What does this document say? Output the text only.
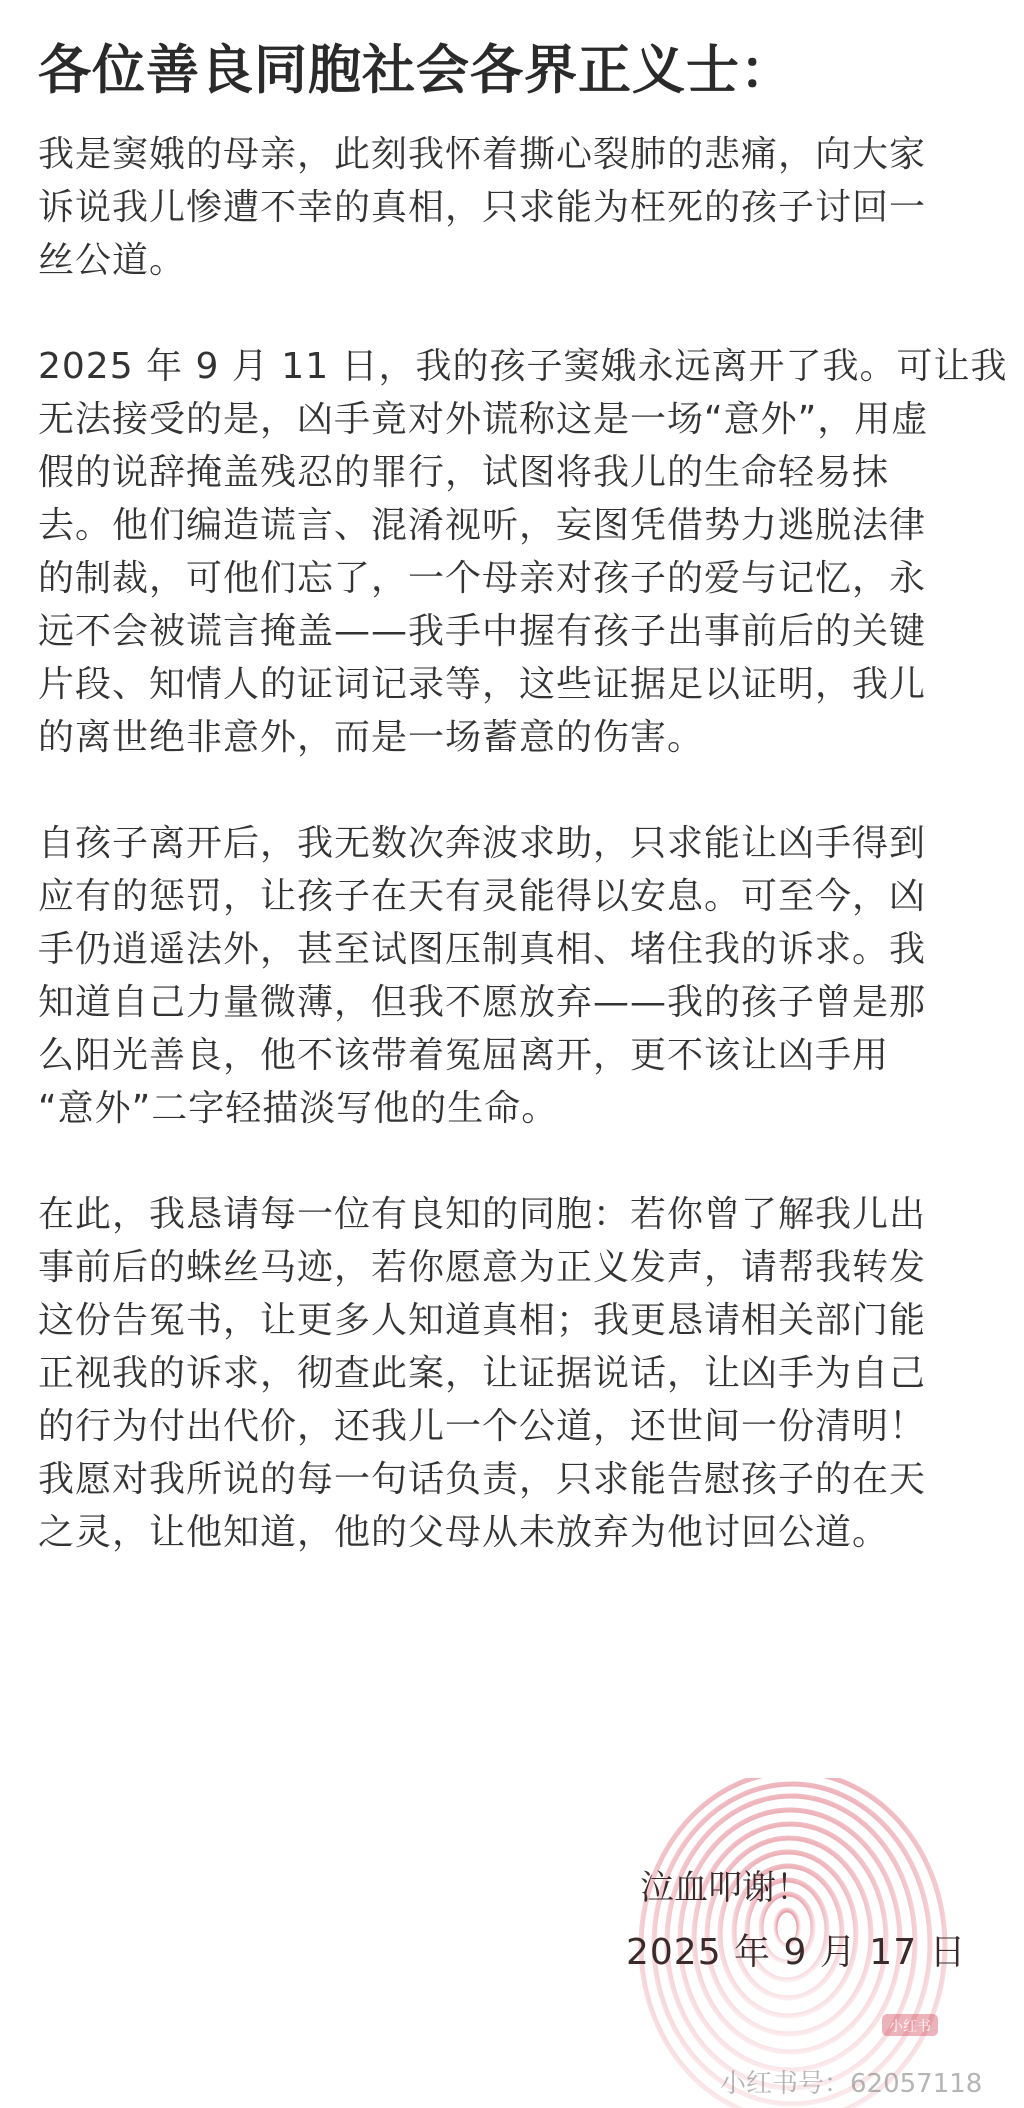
各位善良同胞社会各界正义士：

我是窦娥的母亲，此刻我怀着撕心裂肺的悲痛，向大家
诉说我儿惨遭不幸的真相，只求能为枉死的孩子讨回一
丝公道。

2025 年 9 月 11 日，我的孩子窦娥永远离开了我。可让我
无法接受的是，凶手竟对外谎称这是一场“意外”，用虚
假的说辞掩盖残忍的罪行，试图将我儿的生命轻易抹
去。他们编造谎言、混淆视听，妄图凭借势力逃脱法律
的制裁，可他们忘了，一个母亲对孩子的爱与记忆，永
远不会被谎言掩盖——我手中握有孩子出事前后的关键
片段、知情人的证词记录等，这些证据足以证明，我儿
的离世绝非意外，而是一场蓄意的伤害。

自孩子离开后，我无数次奔波求助，只求能让凶手得到
应有的惩罚，让孩子在天有灵能得以安息。可至今，凶
手仍逍遥法外，甚至试图压制真相、堵住我的诉求。我
知道自己力量微薄，但我不愿放弃——我的孩子曾是那
么阳光善良，他不该带着冤屈离开，更不该让凶手用
“意外”二字轻描淡写他的生命。

在此，我恳请每一位有良知的同胞：若你曾了解我儿出
事前后的蛛丝马迹，若你愿意为正义发声，请帮我转发
这份告冤书，让更多人知道真相；我更恳请相关部门能
正视我的诉求，彻查此案，让证据说话，让凶手为自己
的行为付出代价，还我儿一个公道，还世间一份清明！
我愿对我所说的每一句话负责，只求能告慰孩子的在天
之灵，让他知道，他的父母从未放弃为他讨回公道。

泣血叩谢！
2025 年 9 月 17 日
小红书
小红书号：62057118
